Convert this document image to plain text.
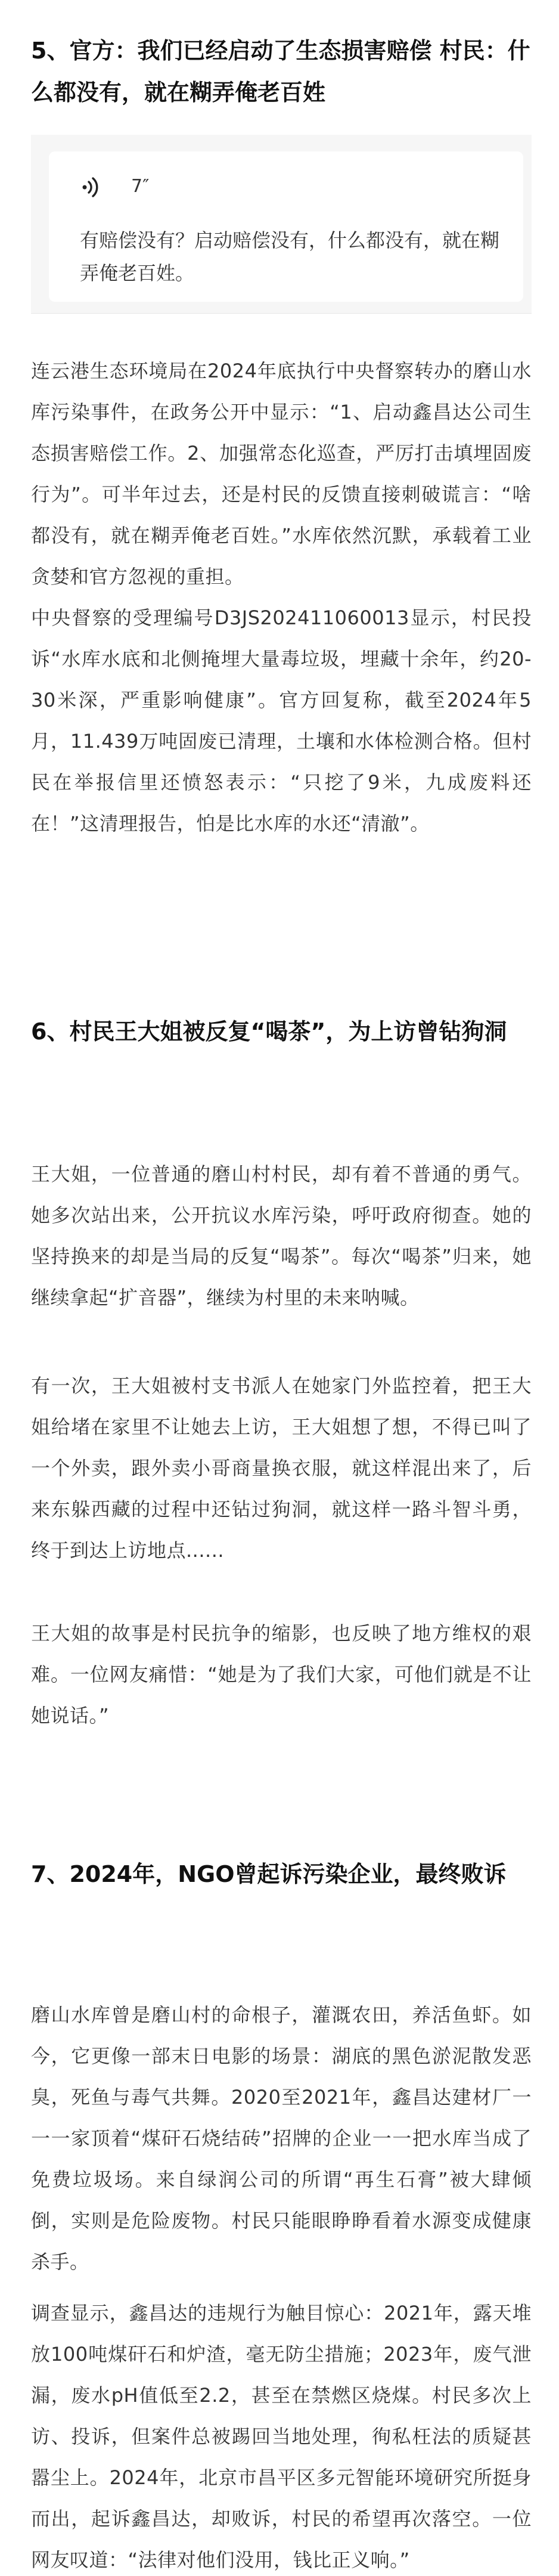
5、官方：我们已经启动了生态损害赔偿 村民：什么都没有，就在糊弄俺老百姓
7″

有赔偿没有？启动赔偿没有，什么都没有，就在糊弄俺老百姓。

连云港生态环境局在2024年底执行中央督察转办的磨山水库污染事件，在政务公开中显示：“1、启动鑫昌达公司生态损害赔偿工作。2、加强常态化巡查，严厉打击填埋固废行为”。可半年过去，还是村民的反馈直接刺破谎言：“啥都没有，就在糊弄俺老百姓。”水库依然沉默，承载着工业贪婪和官方忽视的重担。

中央督察的受理编号D3JS202411060013显示，村民投诉“水库水底和北侧掩埋大量毒垃圾，埋藏十余年，约20-30米深，严重影响健康”。官方回复称，截至2024年5月，11.439万吨固废已清理，土壤和水体检测合格。但村民在举报信里还愤怒表示：“只挖了9米，九成废料还在！”这清理报告，怕是比水库的水还“清澈”。

6、村民王大姐被反复“喝茶”，为上访曾钻狗洞

王大姐，一位普通的磨山村村民，却有着不普通的勇气。她多次站出来，公开抗议水库污染，呼吁政府彻查。她的坚持换来的却是当局的反复“喝茶”。每次“喝茶”归来，她继续拿起“扩音器”，继续为村里的未来呐喊。

有一次，王大姐被村支书派人在她家门外监控着，把王大姐给堵在家里不让她去上访，王大姐想了想，不得已叫了一个外卖，跟外卖小哥商量换衣服，就这样混出来了，后来东躲西藏的过程中还钻过狗洞，就这样一路斗智斗勇，终于到达上访地点......

王大姐的故事是村民抗争的缩影，也反映了地方维权的艰难。一位网友痛惜：“她是为了我们大家，可他们就是不让她说话。”

7、2024年，NGO曾起诉污染企业，最终败诉

磨山水库曾是磨山村的命根子，灌溉农田，养活鱼虾。如今，它更像一部末日电影的场景：湖底的黑色淤泥散发恶臭，死鱼与毒气共舞。2020至2021年，鑫昌达建材厂一一一家顶着“煤矸石烧结砖”招牌的企业一一把水库当成了免费垃圾场。来自绿润公司的所谓“再生石膏”被大肆倾倒，实则是危险废物。村民只能眼睁睁看着水源变成健康杀手。

调查显示，鑫昌达的违规行为触目惊心：2021年，露天堆放100吨煤矸石和炉渣，毫无防尘措施；2023年，废气泄漏，废水pH值低至2.2，甚至在禁燃区烧煤。村民多次上访、投诉，但案件总被踢回当地处理，徇私枉法的质疑甚嚣尘上。2024年，北京市昌平区多元智能环境研究所挺身而出，起诉鑫昌达，却败诉，村民的希望再次落空。一位网友叹道：“法律对他们没用，钱比正义响。”
